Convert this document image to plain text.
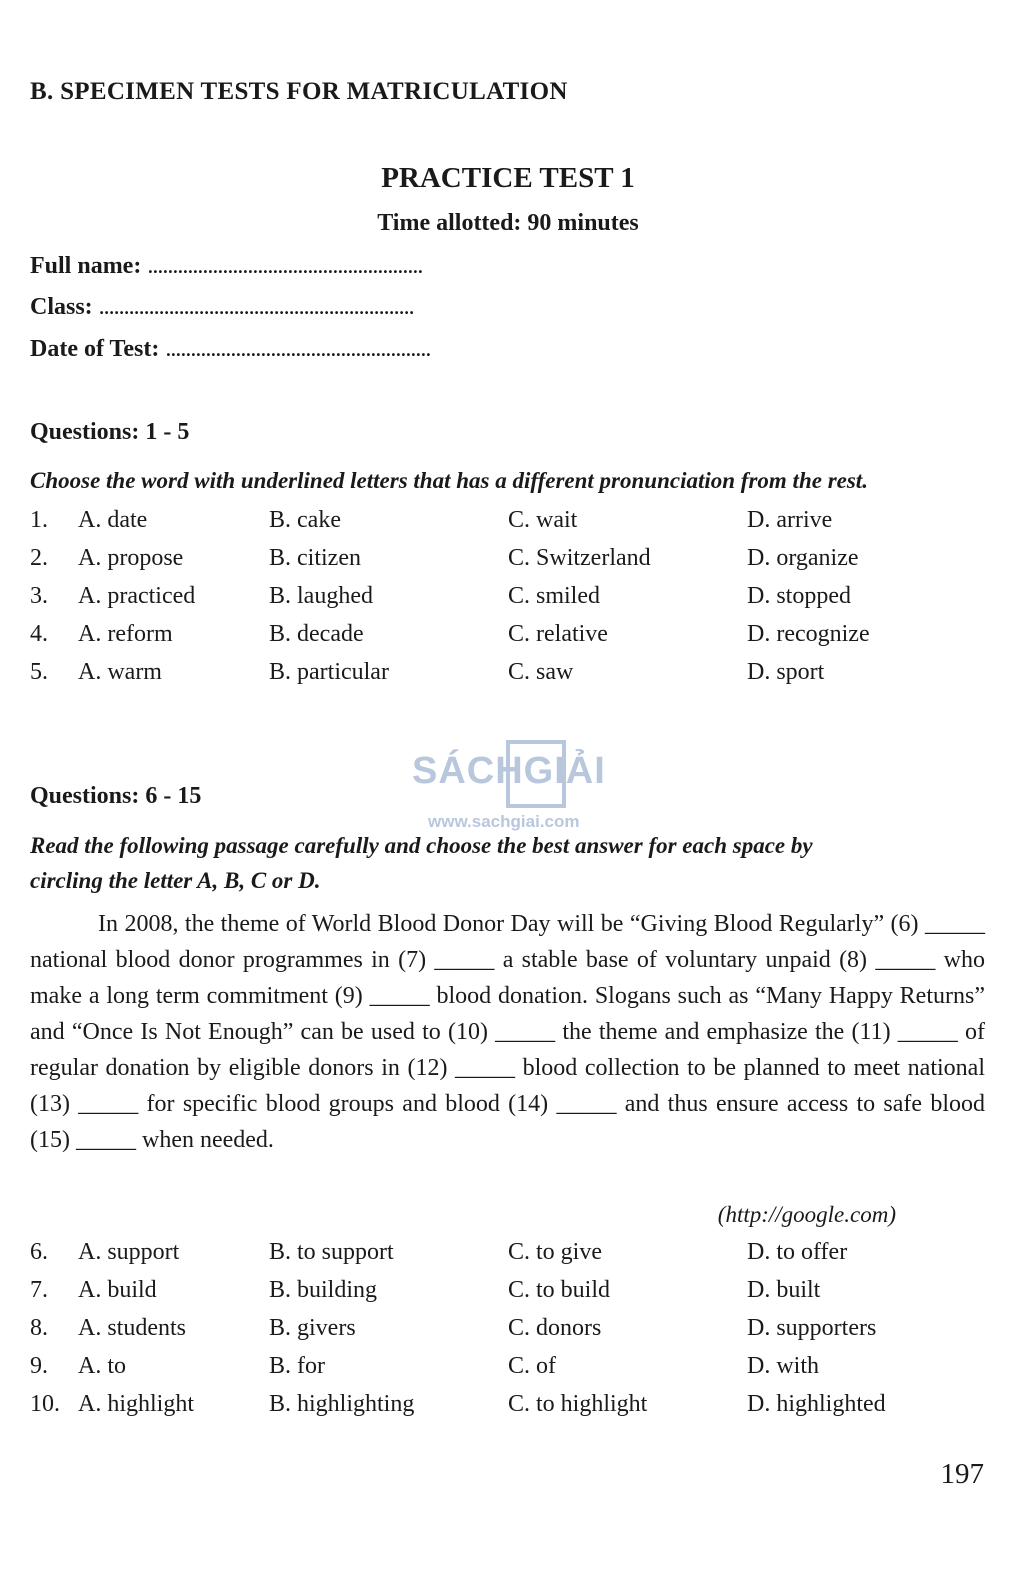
B. SPECIMEN TESTS FOR MATRICULATION
PRACTICE TEST 1
Time allotted: 90 minutes
Full name: .......................................................
Class: ...............................................................
Date of Test: .....................................................
Questions: 1 - 5
Choose the word with underlined letters that has a different pronunciation from the rest.
1. A. date	B. cake	C. wait	D. arrive
2. A. propose	B. citizen	C. Switzerland	D. organize
3. A. practiced	B. laughed	C. smiled	D. stopped
4. A. reform	B. decade	C. relative	D. recognize
5. A. warm	B. particular	C. saw	D. sport
SÁCHGIẢI
www.sachgiai.com
Questions: 6 - 15
Read the following passage carefully and choose the best answer for each space by
circling the letter A, B, C or D.
In 2008, the theme of World Blood Donor Day will be “Giving Blood Regularly” (6) _____ national blood donor programmes in (7) _____ a stable base of voluntary unpaid (8) _____ who make a long term commitment (9) _____ blood donation. Slogans such as “Many Happy Returns” and “Once Is Not Enough” can be used to (10) _____ the theme and emphasize the (11) _____ of regular donation by eligible donors in (12) _____ blood collection to be planned to meet national (13) _____ for specific blood groups and blood (14) _____ and thus ensure access to safe blood (15) _____ when needed.
(http://google.com)
6. A. support	B. to support	C. to give	D. to offer
7. A. build	B. building	C. to build	D. built
8. A. students	B. givers	C. donors	D. supporters
9. A. to	B. for	C. of	D. with
10. A. highlight	B. highlighting	C. to highlight	D. highlighted
197
